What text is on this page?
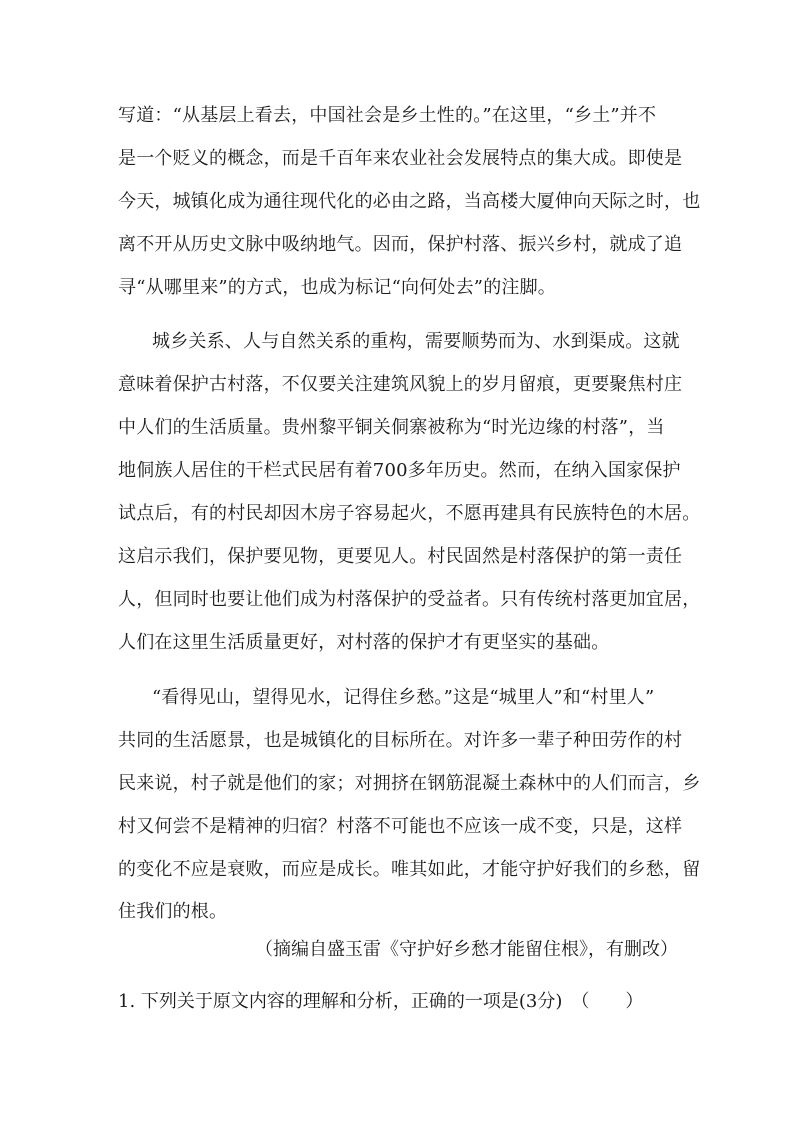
写道：“从基层上看去，中国社会是乡土性的。”在这里，“乡土”并不
是一个贬义的概念，而是千百年来农业社会发展特点的集大成。即使是
今天，城镇化成为通往现代化的必由之路，当高楼大厦伸向天际之时，也
离不开从历史文脉中吸纳地气。因而，保护村落、振兴乡村，就成了追
寻“从哪里来”的方式，也成为标记“向何处去”的注脚。
城乡关系、人与自然关系的重构，需要顺势而为、水到渠成。这就
意味着保护古村落，不仅要关注建筑风貌上的岁月留痕，更要聚焦村庄
中人们的生活质量。贵州黎平铜关侗寨被称为“时光边缘的村落”，当
地侗族人居住的干栏式民居有着700多年历史。然而，在纳入国家保护
试点后，有的村民却因木房子容易起火，不愿再建具有民族特色的木居。
这启示我们，保护要见物，更要见人。村民固然是村落保护的第一责任
人，但同时也要让他们成为村落保护的受益者。只有传统村落更加宜居，
人们在这里生活质量更好，对村落的保护才有更坚实的基础。
“看得见山，望得见水，记得住乡愁。”这是“城里人”和“村里人”
共同的生活愿景，也是城镇化的目标所在。对许多一辈子种田劳作的村
民来说，村子就是他们的家；对拥挤在钢筋混凝土森林中的人们而言，乡
村又何尝不是精神的归宿？村落不可能也不应该一成不变，只是，这样
的变化不应是衰败，而应是成长。唯其如此，才能守护好我们的乡愁，留
住我们的根。
（摘编自盛玉雷《守护好乡愁才能留住根》，有删改）
1. 下列关于原文内容的理解和分析，正确的一项是(3分)　（　　）
